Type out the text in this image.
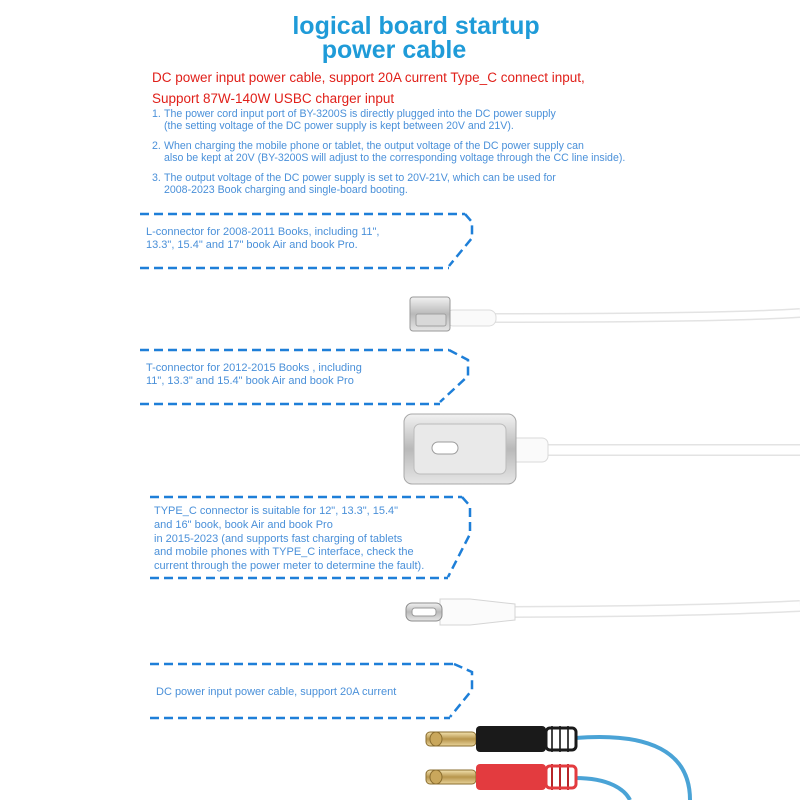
logical board startup
power cable
DC power input power cable, support 20A current Type_C connect input,
Support 87W-140W USBC charger input
1. The power cord input port of BY-3200S is directly plugged into the DC power supply
(the setting voltage of the DC power supply is kept between 20V and 21V).
2. When charging the mobile phone or tablet, the output voltage of the DC power supply can
also be kept at 20V (BY-3200S will adjust to the corresponding voltage through the CC line inside).
3. The output voltage of the DC power supply is set to 20V-21V, which can be used for
2008-2023 Book charging and single-board booting.
L-connector for 2008-2011 Books, including 11",
13.3", 15.4" and 17" book Air and book Pro.
T-connector for 2012-2015 Books , including
11", 13.3" and 15.4" book Air and book Pro
TYPE_C connector is suitable for 12", 13.3", 15.4"
and 16" book, book Air and book Pro
in 2015-2023 (and supports fast charging of tablets
and mobile phones with TYPE_C interface, check the
current through the power meter to determine the fault).
DC power input power cable, support 20A current
